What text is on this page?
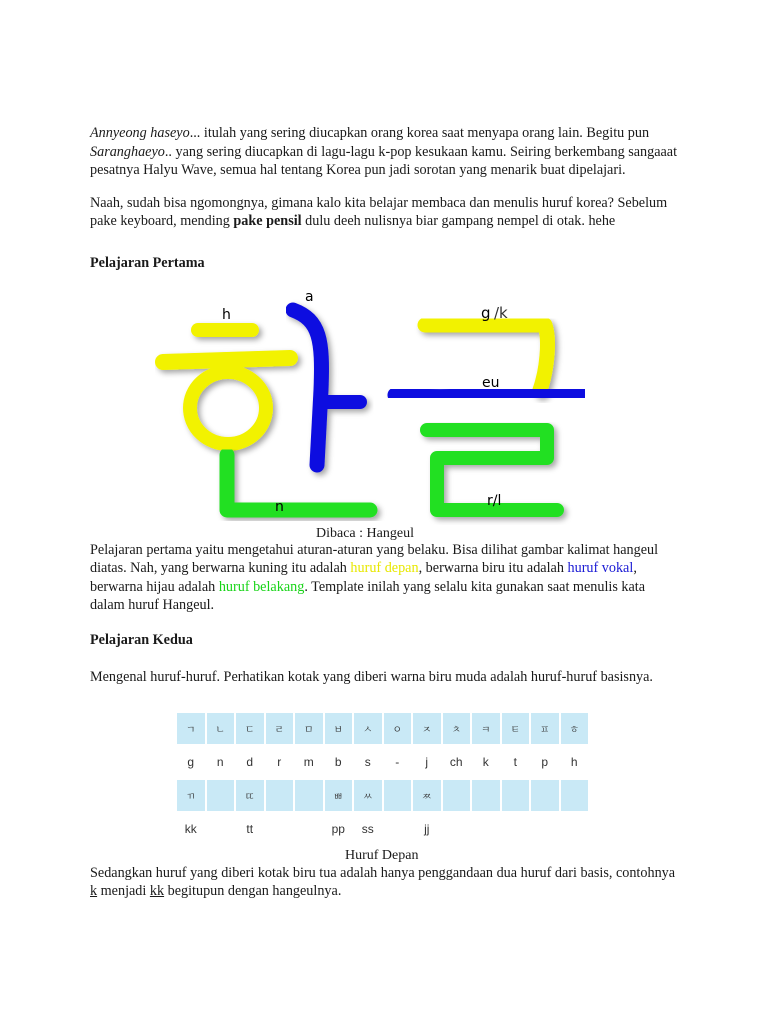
Annyeong haseyo... itulah yang sering diucapkan orang korea saat menyapa orang lain. Begitu pun Saranghaeyo.. yang sering diucapkan di lagu-lagu k-pop kesukaan kamu. Seiring berkembang sangaaat pesatnya Halyu Wave, semua hal tentang Korea pun jadi sorotan yang menarik buat dipelajari.

Naah, sudah bisa ngomongnya, gimana kalo kita belajar membaca dan menulis huruf korea? Sebelum pake keyboard, mending pake pensil dulu deeh nulisnya biar gampang nempel di otak. hehe

Pelajaran Pertama
h
a
n
g /k
eu
r/l
Dibaca : Hangeul
Pelajaran pertama yaitu mengetahui aturan-aturan yang belaku. Bisa dilihat gambar kalimat hangeul diatas. Nah, yang berwarna kuning itu adalah huruf depan, berwarna biru itu adalah huruf vokal, berwarna hijau adalah huruf belakang. Template inilah yang selalu kita gunakan saat menulis kata dalam huruf Hangeul.
Pelajaran Kedua
Mengenal huruf-huruf. Perhatikan kotak yang diberi warna biru muda adalah huruf-huruf basisnya.
ㄱ	ㄴ	ㄷ	ㄹ	ㅁ	ㅂ	ㅅ	ㅇ	ㅈ	ㅊ	ㅋ	ㅌ	ㅍ	ㅎ
g	n	d	r	m	b	s	-	j	ch	k	t	p	h
ㄲ		ㄸ			ㅃ	ㅆ		ㅉ					
kk		tt			pp	ss		jj					
Huruf Depan
Sedangkan huruf yang diberi kotak biru tua adalah hanya penggandaan dua huruf dari basis, contohnya k menjadi kk begitupun dengan hangeulnya.
